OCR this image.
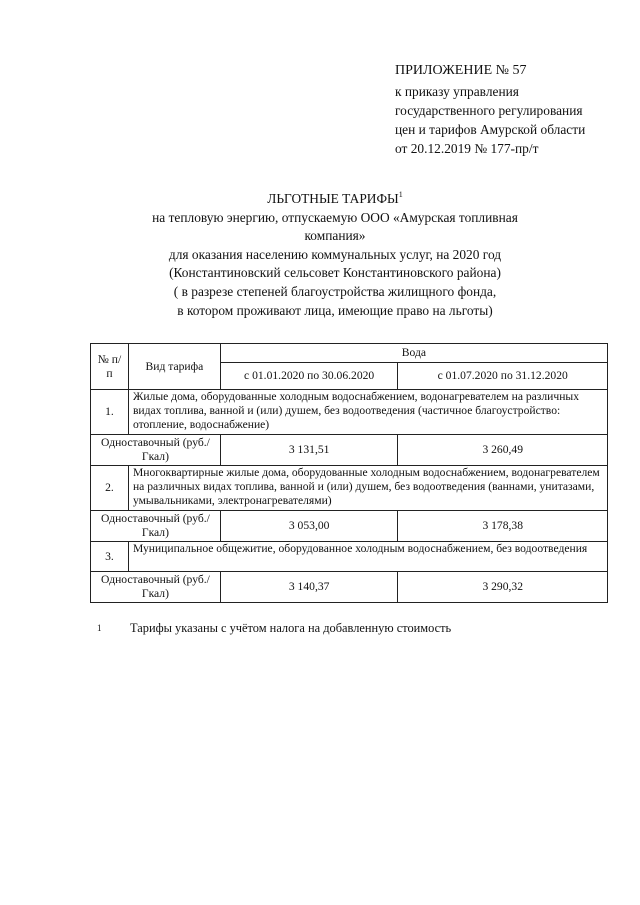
ПРИЛОЖЕНИЕ № 57
к приказу управления
государственного регулирования
цен и тарифов Амурской области
от 20.12.2019 № 177-пр/т
ЛЬГОТНЫЕ ТАРИФЫ$^1$
на тепловую энергию, отпускаемую ООО «Амурская топливная
компания»
для оказания населению коммунальных услуг, на 2020 год
(Константиновский сельсовет Константиновского района)
( в разрезе степеней благоустройства жилищного фонда,
в котором проживают лица, имеющие право на льготы)
№ п/п	Вид тарифа	Вода	
		с 01.01.2020 по 30.06.2020	с 01.07.2020 по 31.12.2020
1.	Жилые дома, оборудованные холодным водоснабжением, водонагревателем на различных видах топлива, ванной и (или) душем, без водоотведения (частичное благоустройство: отопление, водоснабжение)		
Одноставочный (руб./Гкал)		3 131,51	3 260,49
2.	Многоквартирные жилые дома, оборудованные холодным водоснабжением, водонагревателем на различных видах топлива, ванной и (или) душем, без водоотведения (ваннами, унитазами, умывальниками, электронагревателями)		
Одноставочный (руб./Гкал)		3 053,00	3 178,38
3.	Муниципальное общежитие, оборудованное холодным водоснабжением, без водоотведения		
Одноставочный (руб./Гкал)		3 140,37	3 290,32
1 Тарифы указаны с учётом налога на добавленную стоимость
